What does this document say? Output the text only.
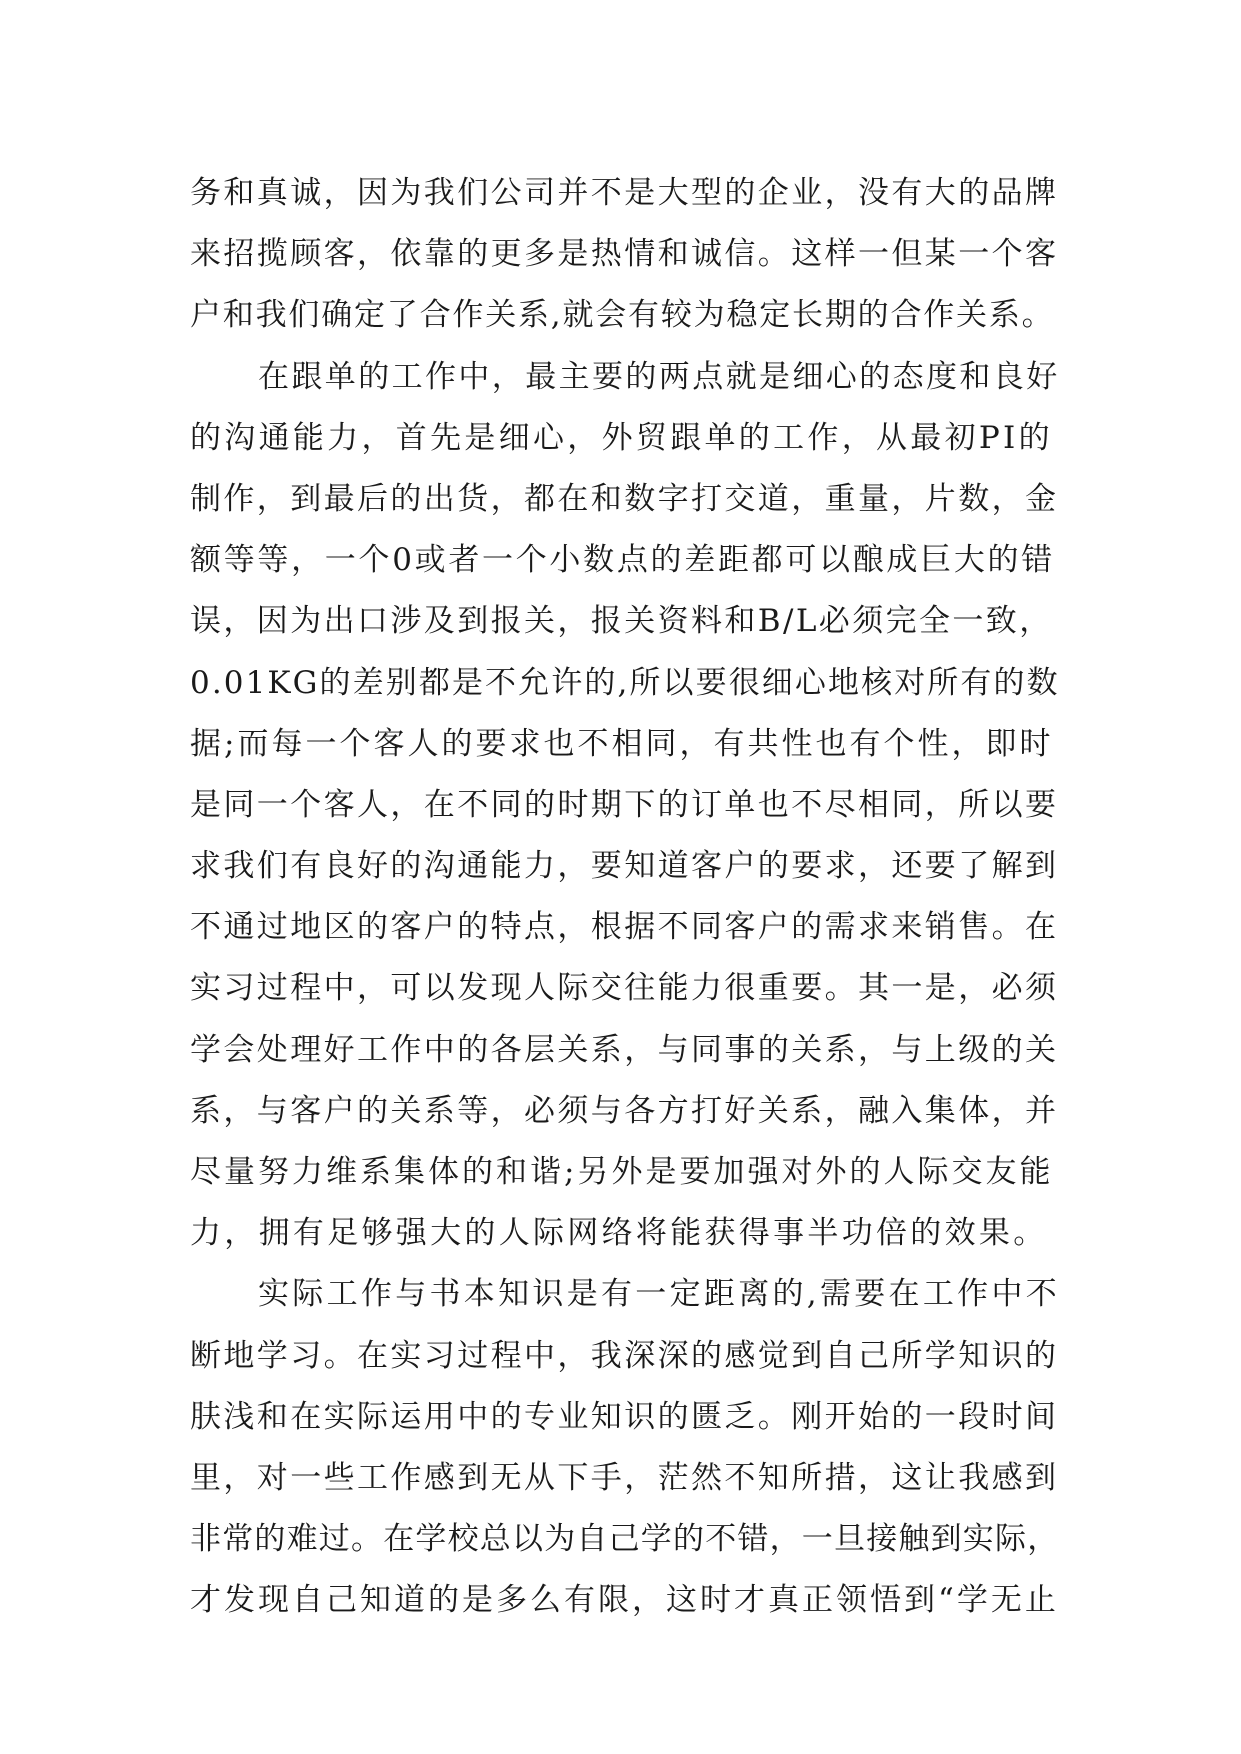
务和真诚，因为我们公司并不是大型的企业，没有大的品牌
来招揽顾客，依靠的更多是热情和诚信。这样一但某一个客
户和我们确定了合作关系,就会有较为稳定长期的合作关系。
在跟单的工作中，最主要的两点就是细心的态度和良好
的沟通能力，首先是细心，外贸跟单的工作，从最初PI的
制作，到最后的出货，都在和数字打交道，重量，片数，金
额等等，一个0或者一个小数点的差距都可以酿成巨大的错
误，因为出口涉及到报关，报关资料和B/L必须完全一致，
0.01KG的差别都是不允许的,所以要很细心地核对所有的数
据;而每一个客人的要求也不相同，有共性也有个性，即时
是同一个客人，在不同的时期下的订单也不尽相同，所以要
求我们有良好的沟通能力，要知道客户的要求，还要了解到
不通过地区的客户的特点，根据不同客户的需求来销售。在
实习过程中，可以发现人际交往能力很重要。其一是，必须
学会处理好工作中的各层关系，与同事的关系，与上级的关
系，与客户的关系等，必须与各方打好关系，融入集体，并
尽量努力维系集体的和谐;另外是要加强对外的人际交友能
力，拥有足够强大的人际网络将能获得事半功倍的效果。
实际工作与书本知识是有一定距离的,需要在工作中不
断地学习。在实习过程中，我深深的感觉到自己所学知识的
肤浅和在实际运用中的专业知识的匮乏。刚开始的一段时间
里，对一些工作感到无从下手，茫然不知所措，这让我感到
非常的难过。在学校总以为自己学的不错，一旦接触到实际，
才发现自己知道的是多么有限，这时才真正领悟到“学无止
